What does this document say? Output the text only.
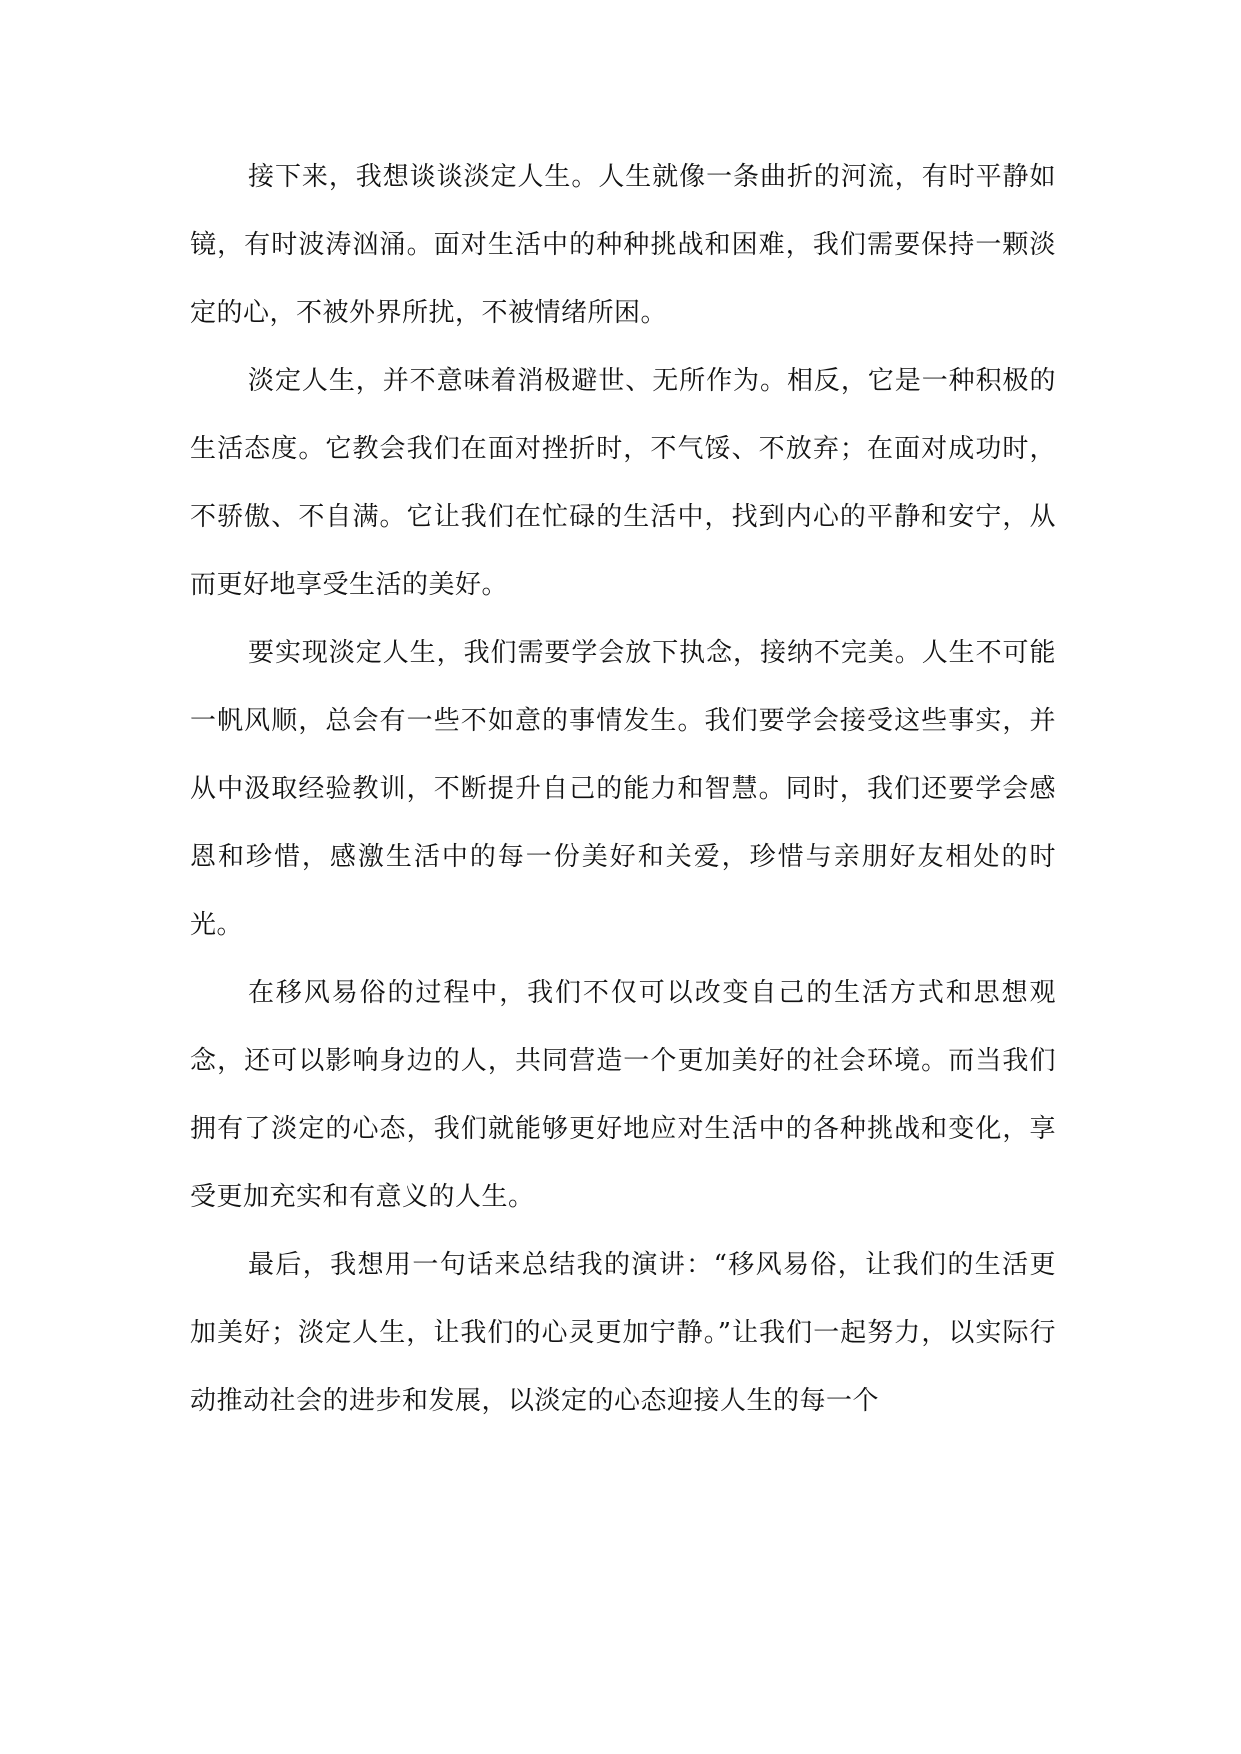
接下来，我想谈谈淡定人生。人生就像一条曲折的河流，有时平静如镜，有时波涛汹涌。面对生活中的种种挑战和困难，我们需要保持一颗淡定的心，不被外界所扰，不被情绪所困。

淡定人生，并不意味着消极避世、无所作为。相反，它是一种积极的生活态度。它教会我们在面对挫折时，不气馁、不放弃；在面对成功时，不骄傲、不自满。它让我们在忙碌的生活中，找到内心的平静和安宁，从而更好地享受生活的美好。

要实现淡定人生，我们需要学会放下执念，接纳不完美。人生不可能一帆风顺，总会有一些不如意的事情发生。我们要学会接受这些事实，并从中汲取经验教训，不断提升自己的能力和智慧。同时，我们还要学会感恩和珍惜，感激生活中的每一份美好和关爱，珍惜与亲朋好友相处的时光。

在移风易俗的过程中，我们不仅可以改变自己的生活方式和思想观念，还可以影响身边的人，共同营造一个更加美好的社会环境。而当我们拥有了淡定的心态，我们就能够更好地应对生活中的各种挑战和变化，享受更加充实和有意义的人生。

最后，我想用一句话来总结我的演讲：“移风易俗，让我们的生活更加美好；淡定人生，让我们的心灵更加宁静。”让我们一起努力，以实际行动推动社会的进步和发展，以淡定的心态迎接人生的每一个
